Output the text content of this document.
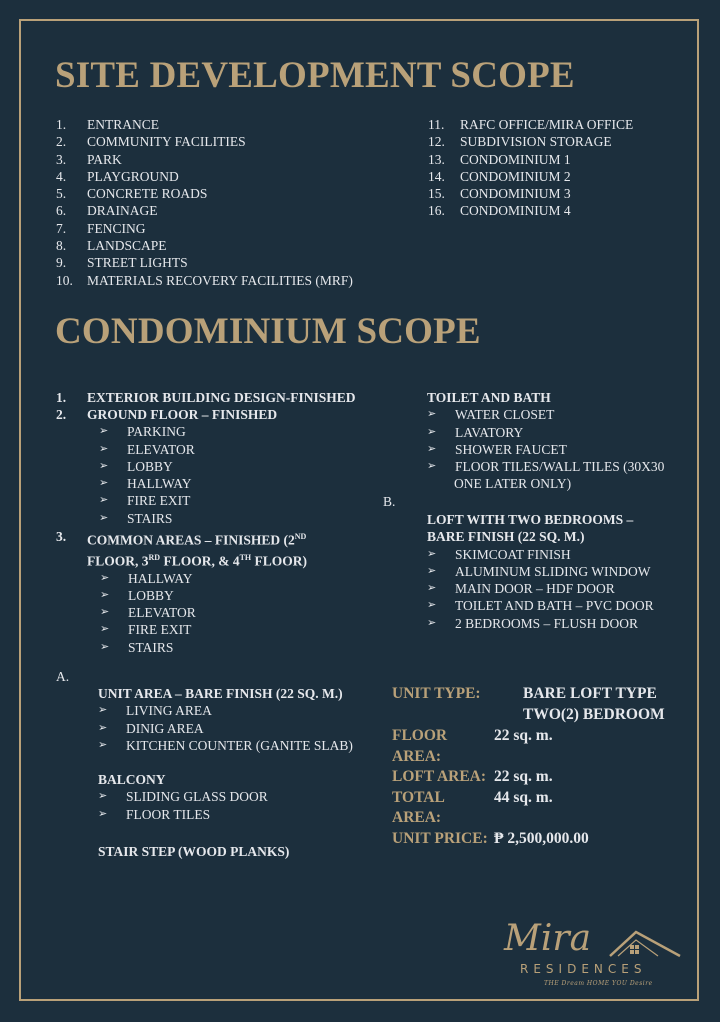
SITE DEVELOPMENT SCOPE
1.	ENTRANCE
2.	COMMUNITY FACILITIES
3.	PARK
4.	PLAYGROUND
5.	CONCRETE ROADS
6.	DRAINAGE
7.	FENCING
8.	LANDSCAPE
9.	STREET LIGHTS
10.	MATERIALS RECOVERY FACILITIES (MRF)
11.	RAFC OFFICE/MIRA OFFICE
12.	SUBDIVISION STORAGE
13.	CONDOMINIUM 1
14.	CONDOMINIUM 2
15.	CONDOMINIUM 3
16.	CONDOMINIUM 4
CONDOMINIUM SCOPE
1.	EXTERIOR BUILDING DESIGN-FINISHED
2.	GROUND FLOOR – FINISHED
➢	PARKING
➢	ELEVATOR
➢	LOBBY
➢	HALLWAY
➢	FIRE EXIT
➢	STAIRS
3.	COMMON AREAS – FINISHED (2ND
FLOOR, 3RD FLOOR, & 4TH FLOOR)
➢	HALLWAY
➢	LOBBY
➢	ELEVATOR
➢	FIRE EXIT
➢	STAIRS
TOILET AND BATH
➢	WATER CLOSET
➢	LAVATORY
➢	SHOWER FAUCET
➢	FLOOR TILES/WALL TILES (30X30
ONE LATER ONLY)
B.
LOFT WITH TWO BEDROOMS –
BARE FINISH (22 SQ. M.)
➢	SKIMCOAT FINISH
➢	ALUMINUM SLIDING WINDOW
➢	MAIN DOOR – HDF DOOR
➢	TOILET AND BATH – PVC DOOR
➢	2 BEDROOMS – FLUSH DOOR
A.
UNIT AREA – BARE FINISH (22 SQ. M.)
➢	LIVING AREA
➢	DINIG AREA
➢	KITCHEN COUNTER (GANITE SLAB)
BALCONY
➢	SLIDING GLASS DOOR
➢	FLOOR TILES
STAIR STEP (WOOD PLANKS)
UNIT TYPE:	BARE LOFT TYPE
TWO(2) BEDROOM
FLOOR AREA:
22 sq. m.
LOFT AREA: 22 sq. m.
TOTAL AREA:
44 sq. m.
UNIT PRICE: ₱ 2,500,000.00
Mira
RESIDENCES
THE Dream HOME YOU Desire
